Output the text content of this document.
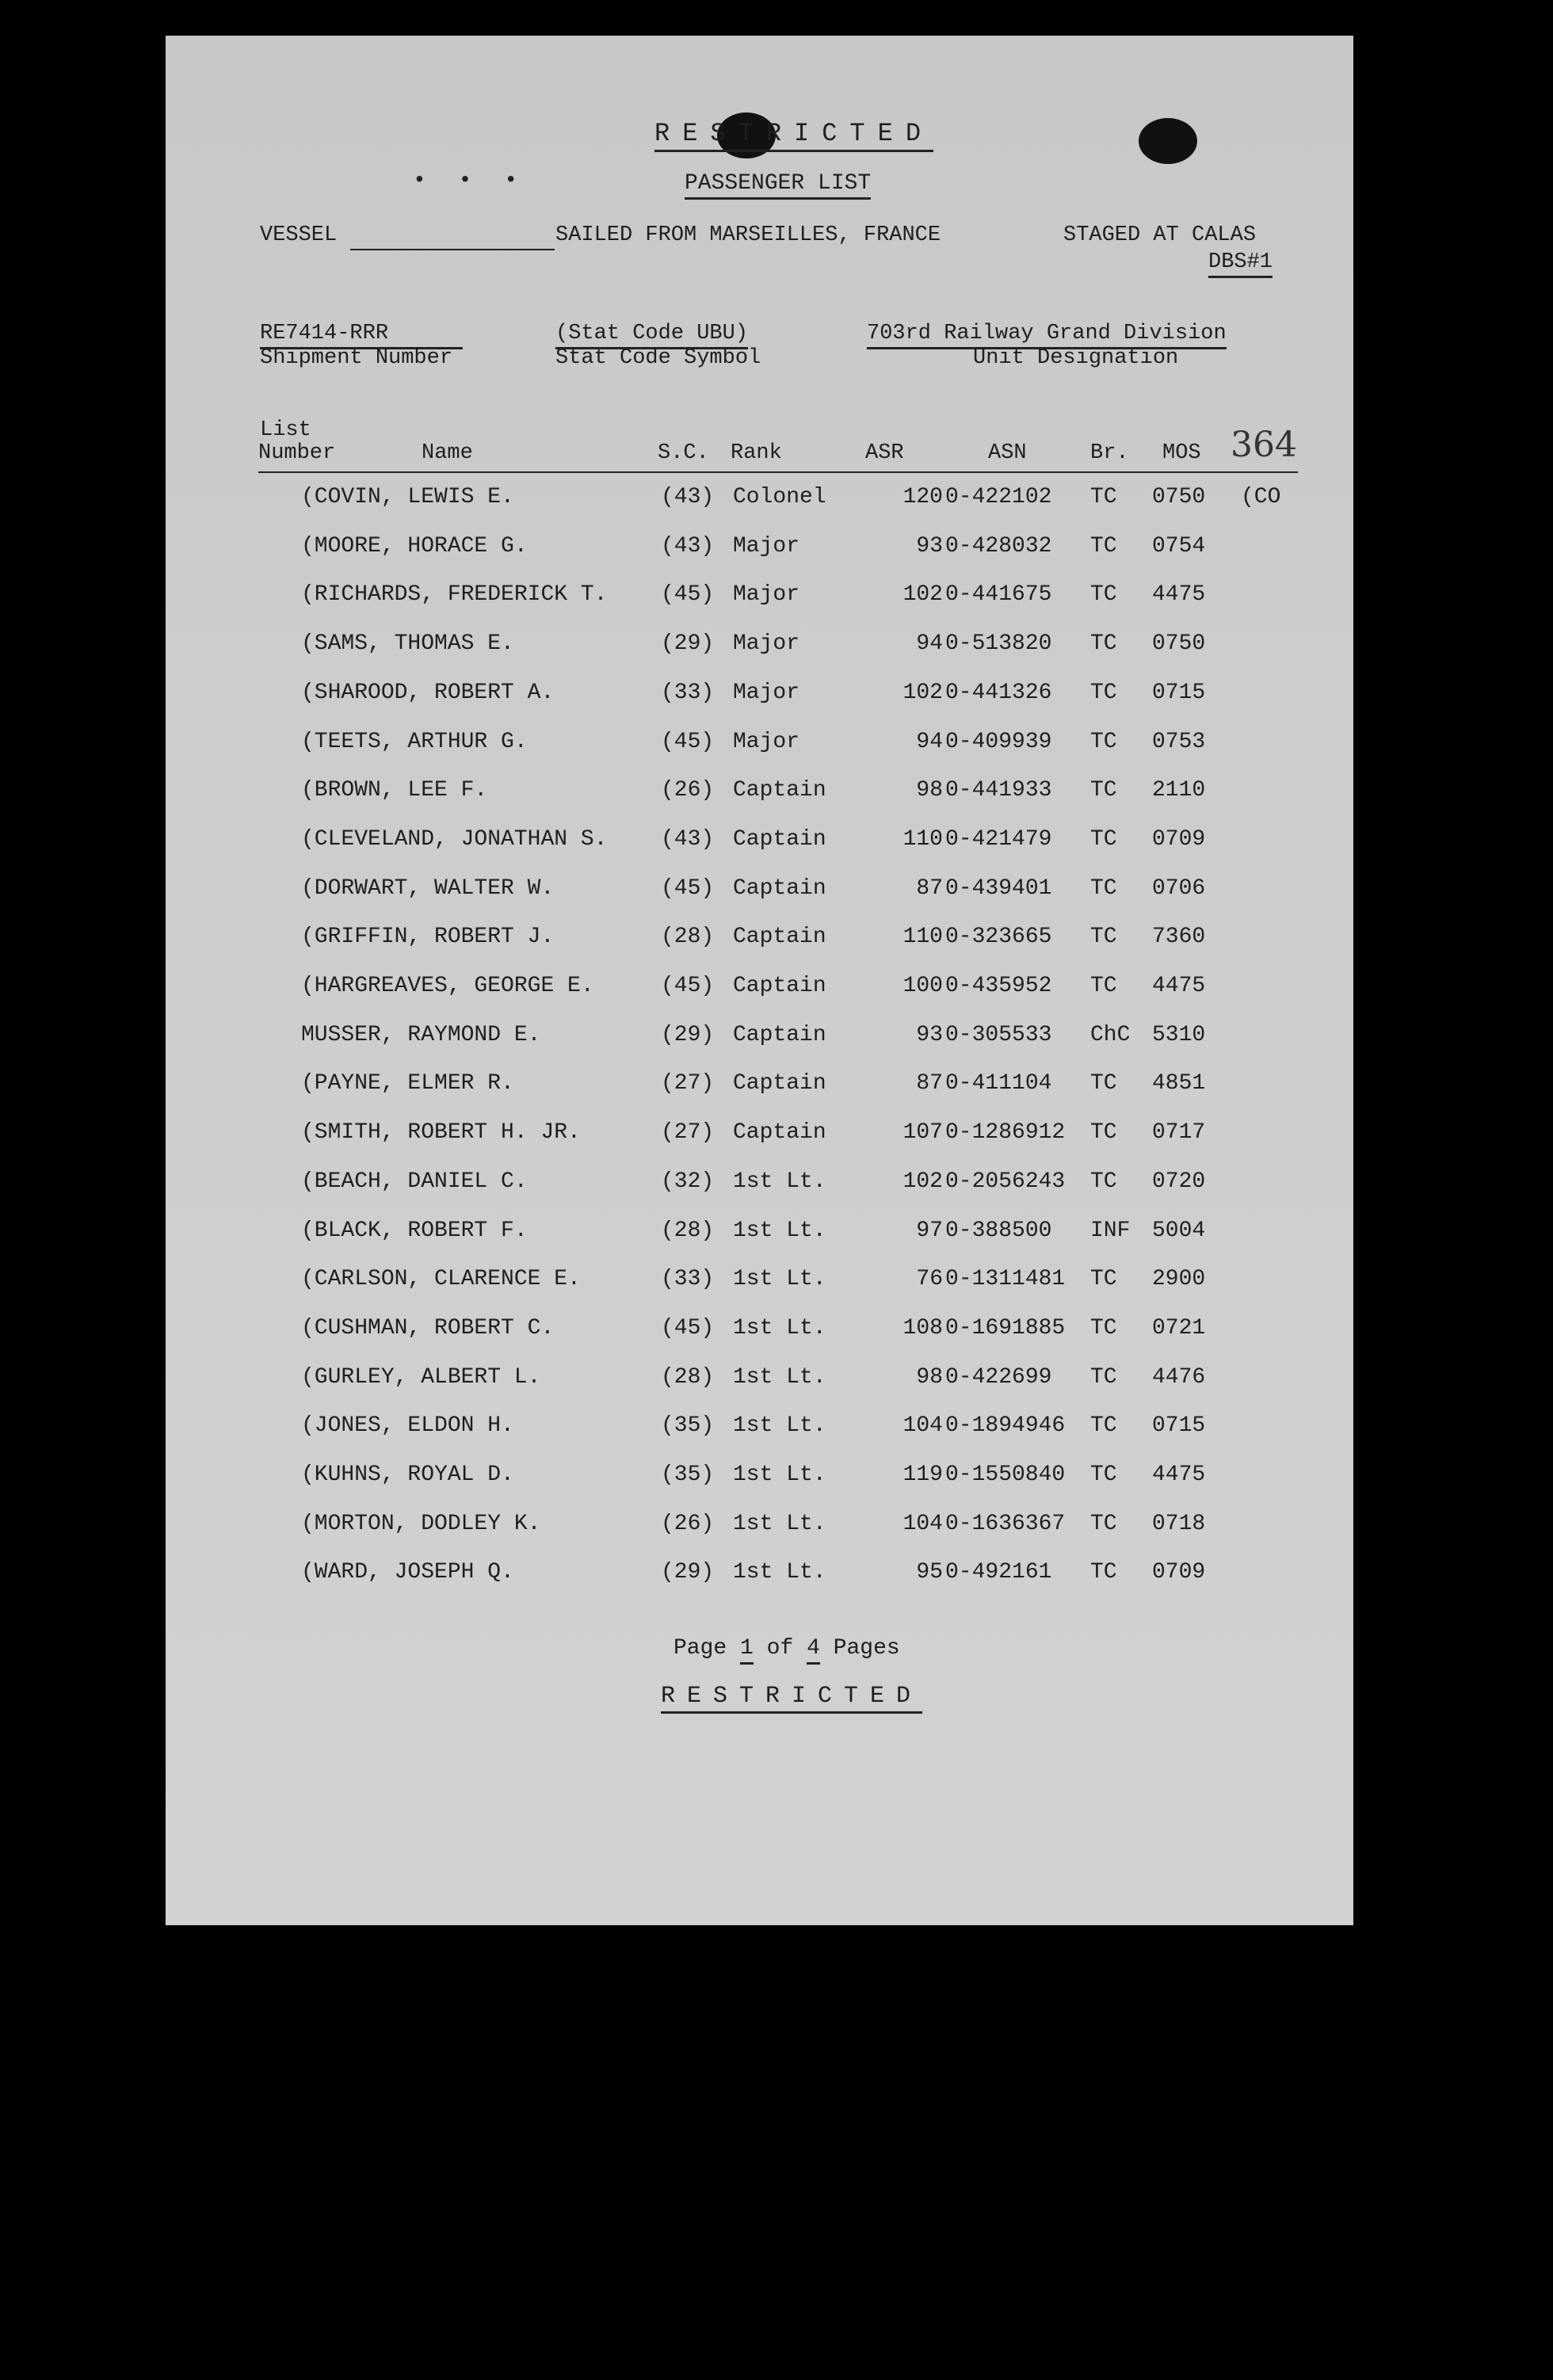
• • •
RESTRICTED
PASSENGER LIST
VESSEL	SAILED FROM MARSEILLES, FRANCE	STAGED AT CALAS
DBS#1
RE7414-RRR
Shipment Number
(Stat Code UBU)
Stat Code Symbol
703rd Railway Grand Division
Unit Designation
List
Number	Name	S.C. Rank	ASR	ASN	Br. MOS 364
(COVIN, LEWIS E.	(43) Colonel	120 0-422102 TC 0750 (CO
(MOORE, HORACE G.	(43) Major	93 0-428032 TC 0754
(RICHARDS, FREDERICK T. (45) Major	102 0-441675 TC 4475
(SAMS, THOMAS E.	(29) Major	94 0-513820 TC 0750
(SHAROOD, ROBERT A.	(33) Major	102 0-441326 TC 0715
(TEETS, ARTHUR G.	(45) Major	94 0-409939 TC 0753
(BROWN, LEE F.	(26) Captain	98 0-441933 TC 2110
(CLEVELAND, JONATHAN S. (43) Captain	110 0-421479 TC 0709
(DORWART, WALTER W.	(45) Captain	87 0-439401 TC 0706
(GRIFFIN, ROBERT J.	(28) Captain	110 0-323665 TC 7360
(HARGREAVES, GEORGE E.	(45) Captain	100 0-435952 TC 4475
MUSSER, RAYMOND E.	(29) Captain	93 0-305533 ChC 5310
(PAYNE, ELMER R.	(27) Captain	87 0-411104 TC 4851
(SMITH, ROBERT H. JR.	(27) Captain	107 0-1286912 TC 0717
(BEACH, DANIEL C.	(32) 1st Lt.	102 0-2056243 TC 0720
(BLACK, ROBERT F.	(28) 1st Lt.	97 0-388500 INF 5004
(CARLSON, CLARENCE E.	(33) 1st Lt.	76 0-1311481 TC 2900
(CUSHMAN, ROBERT C.	(45) 1st Lt.	108 0-1691885 TC 0721
(GURLEY, ALBERT L.	(28) 1st Lt.	98 0-422699 TC 4476
(JONES, ELDON H.	(35) 1st Lt.	104 0-1894946 TC 0715
(KUHNS, ROYAL D.	(35) 1st Lt.	119 0-1550840 TC 4475
(MORTON, DODLEY K.	(26) 1st Lt.	104 0-1636367 TC 0718
(WARD, JOSEPH Q.	(29) 1st Lt.	95 0-492161 TC 0709
Page 1 of 4 Pages
RESTRICTED
